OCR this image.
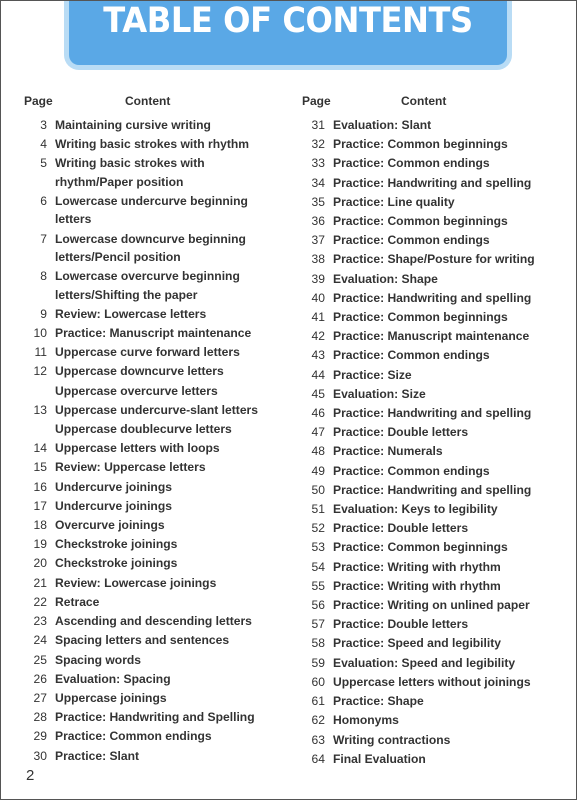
TABLE OF CONTENTS
Page	Content
3 Maintaining cursive writing
4 Writing basic strokes with rhythm
5 Writing basic strokes with rhythm/Paper position
6 Lowercase undercurve beginning letters
7 Lowercase downcurve beginning letters/Pencil position
8 Lowercase overcurve beginning letters/Shifting the paper
9 Review: Lowercase letters
10 Practice: Manuscript maintenance
11 Uppercase curve forward letters
12 Uppercase downcurve letters
Uppercase overcurve letters
13 Uppercase undercurve-slant letters
Uppercase doublecurve letters
14 Uppercase letters with loops
15 Review: Uppercase letters
16 Undercurve joinings
17 Undercurve joinings
18 Overcurve joinings
19 Checkstroke joinings
20 Checkstroke joinings
21 Review: Lowercase joinings
22 Retrace
23 Ascending and descending letters
24 Spacing letters and sentences
25 Spacing words
26 Evaluation: Spacing
27 Uppercase joinings
28 Practice: Handwriting and Spelling
29 Practice: Common endings
30 Practice: Slant
Page	Content
31 Evaluation: Slant
32 Practice: Common beginnings
33 Practice: Common endings
34 Practice: Handwriting and spelling
35 Practice: Line quality
36 Practice: Common beginnings
37 Practice: Common endings
38 Practice: Shape/Posture for writing
39 Evaluation: Shape
40 Practice: Handwriting and spelling
41 Practice: Common beginnings
42 Practice: Manuscript maintenance
43 Practice: Common endings
44 Practice: Size
45 Evaluation: Size
46 Practice: Handwriting and spelling
47 Practice: Double letters
48 Practice: Numerals
49 Practice: Common endings
50 Practice: Handwriting and spelling
51 Evaluation: Keys to legibility
52 Practice: Double letters
53 Practice: Common beginnings
54 Practice: Writing with rhythm
55 Practice: Writing with rhythm
56 Practice: Writing on unlined paper
57 Practice: Double letters
58 Practice: Speed and legibility
59 Evaluation: Speed and legibility
60 Uppercase letters without joinings
61 Practice: Shape
62 Homonyms
63 Writing contractions
64 Final Evaluation
2
